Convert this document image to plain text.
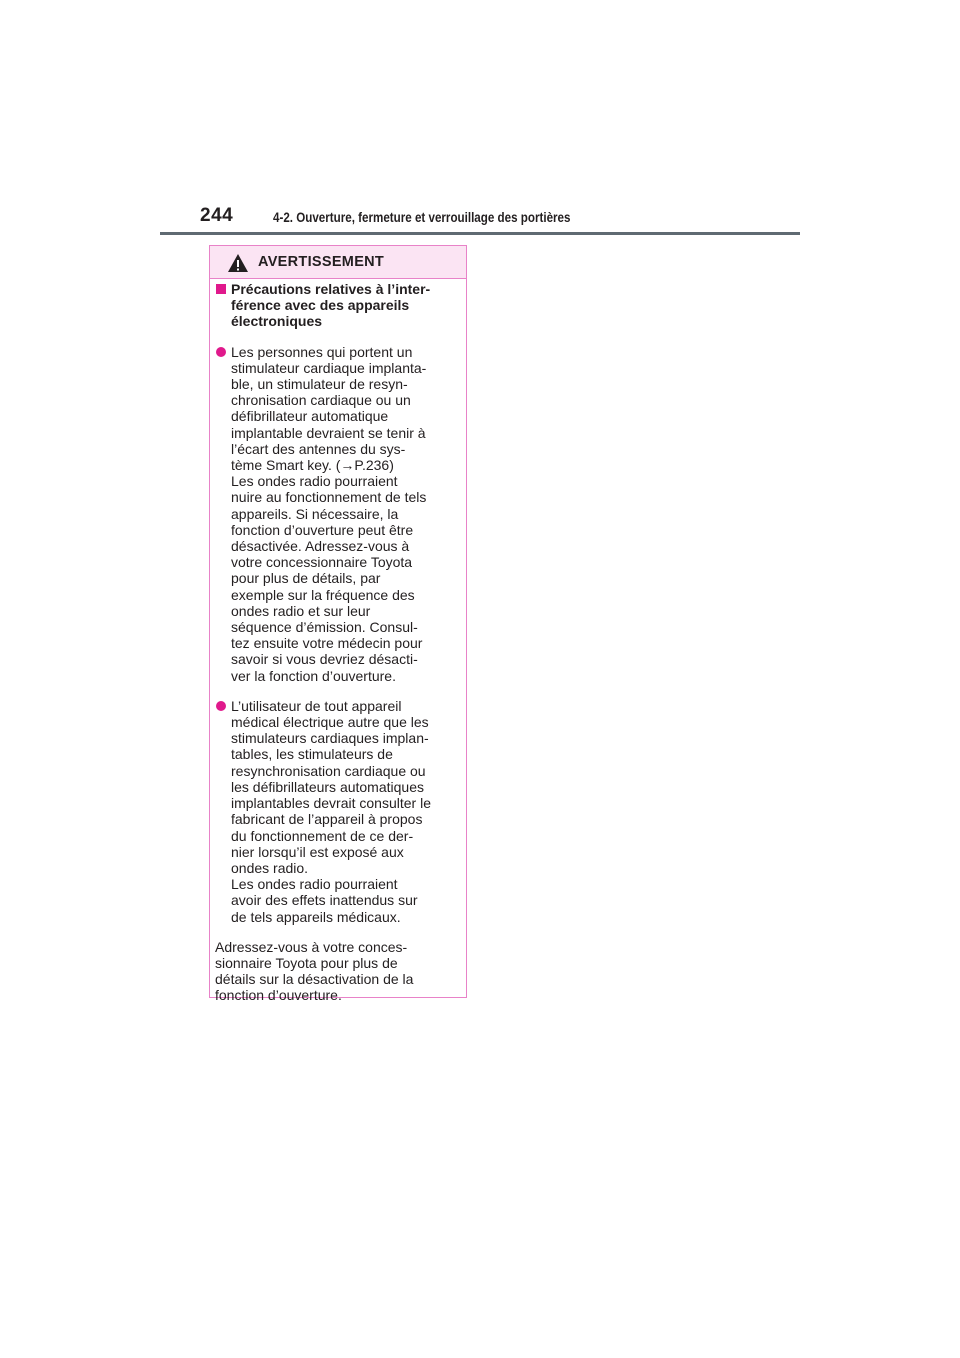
244	4-2. Ouverture, fermeture et verrouillage des portières
AVERTISSEMENT
Précautions relatives à l’inter-
férence avec des appareils
électroniques
Les personnes qui portent un
stimulateur cardiaque implanta-
ble, un stimulateur de resyn-
chronisation cardiaque ou un
défibrillateur automatique
implantable devraient se tenir à
l’écart des antennes du sys-
tème Smart key. (→P.236)
Les ondes radio pourraient
nuire au fonctionnement de tels
appareils. Si nécessaire, la
fonction d’ouverture peut être
désactivée. Adressez-vous à
votre concessionnaire Toyota
pour plus de détails, par
exemple sur la fréquence des
ondes radio et sur leur
séquence d’émission. Consul-
tez ensuite votre médecin pour
savoir si vous devriez désacti-
ver la fonction d’ouverture.
L’utilisateur de tout appareil
médical électrique autre que les
stimulateurs cardiaques implan-
tables, les stimulateurs de
resynchronisation cardiaque ou
les défibrillateurs automatiques
implantables devrait consulter le
fabricant de l’appareil à propos
du fonctionnement de ce der-
nier lorsqu’il est exposé aux
ondes radio.
Les ondes radio pourraient
avoir des effets inattendus sur
de tels appareils médicaux.
Adressez-vous à votre conces-
sionnaire Toyota pour plus de
détails sur la désactivation de la
fonction d’ouverture.
